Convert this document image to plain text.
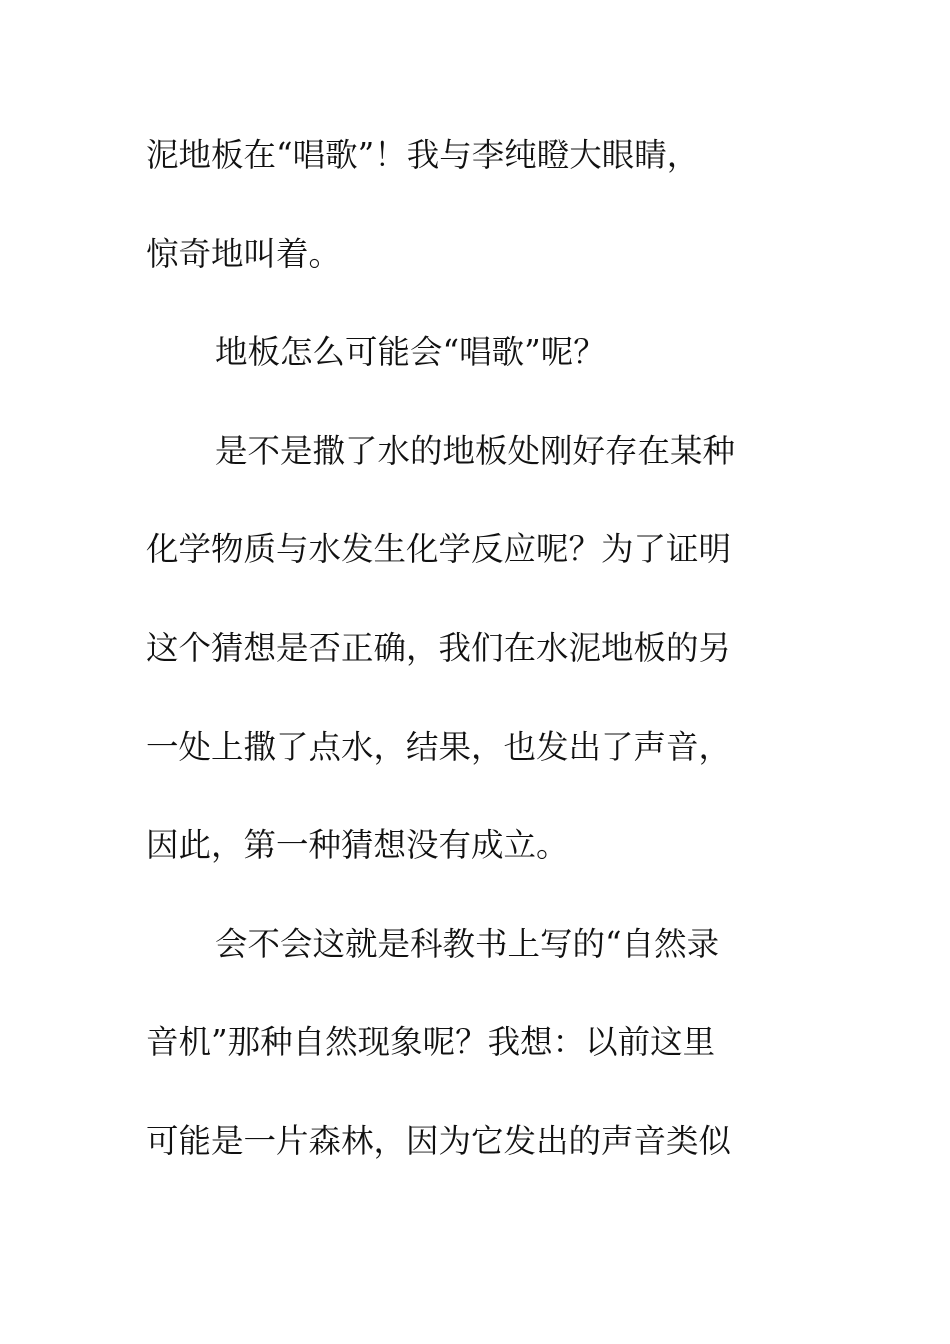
泥地板在“唱歌”！我与李纯瞪大眼睛，
惊奇地叫着。
地板怎么可能会“唱歌”呢？
是不是撒了水的地板处刚好存在某种
化学物质与水发生化学反应呢？为了证明
这个猜想是否正确，我们在水泥地板的另
一处上撒了点水，结果，也发出了声音，
因此，第一种猜想没有成立。
会不会这就是科教书上写的“自然录
音机”那种自然现象呢？我想：以前这里
可能是一片森林，因为它发出的声音类似
